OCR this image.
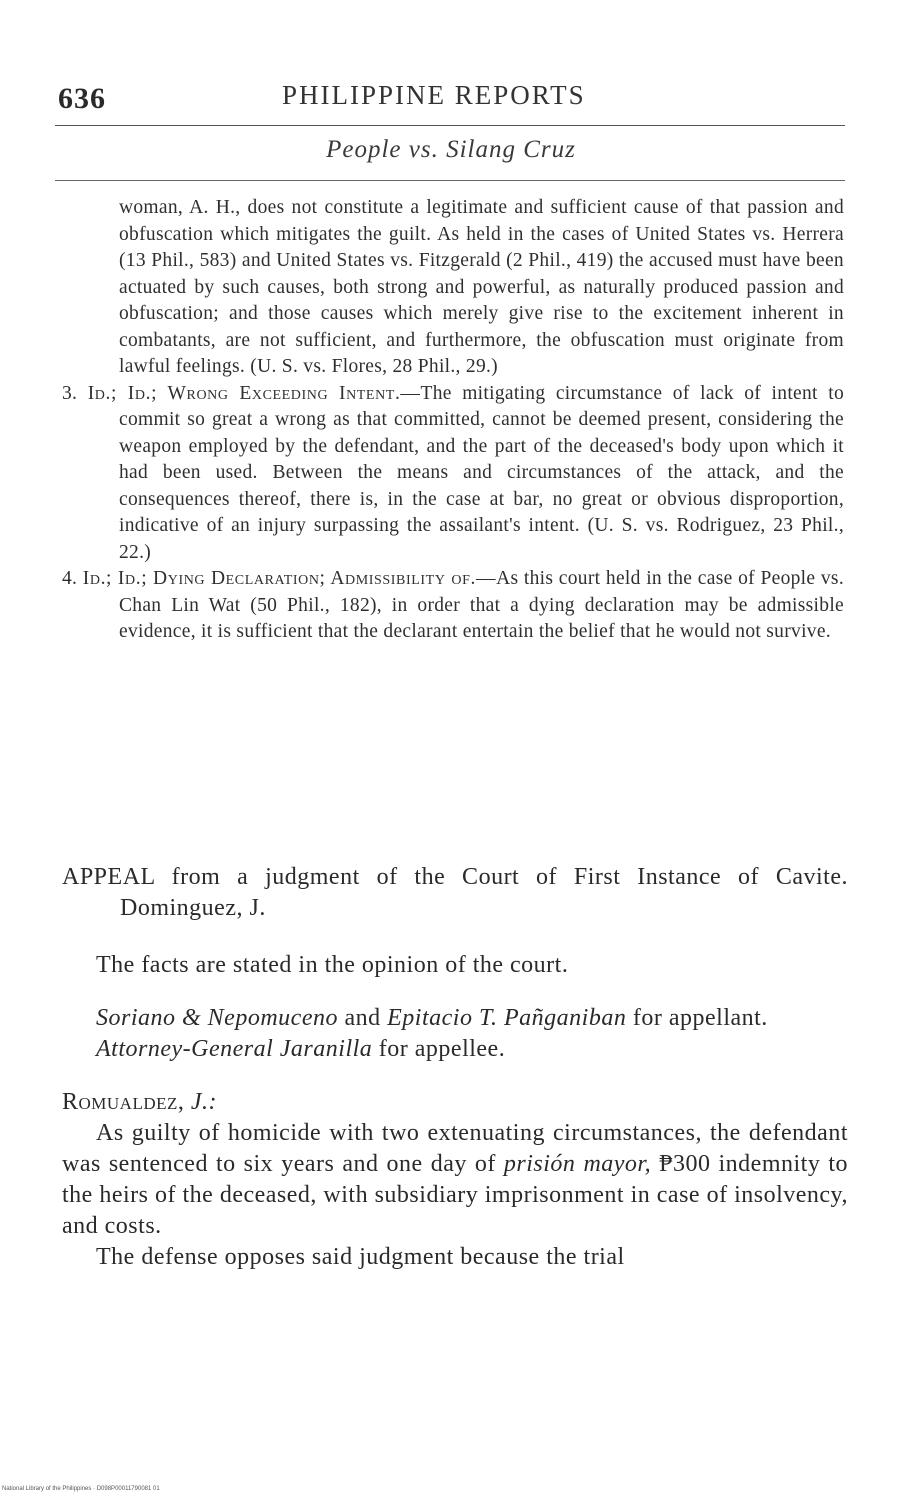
636	PHILIPPINE REPORTS
People vs. Silang Cruz

woman, A. H., does not constitute a legitimate and sufficient cause of that passion and obfuscation which mitigates the guilt. As held in the cases of United States vs. Herrera (13 Phil., 583) and United States vs. Fitzgerald (2 Phil., 419) the accused must have been actuated by such causes, both strong and powerful, as naturally produced passion and obfuscation; and those causes which merely give rise to the excitement inherent in combatants, are not sufficient, and furthermore, the obfuscation must originate from lawful feelings. (U. S. vs. Flores, 28 Phil., 29.)

3. Id.; Id.; Wrong Exceeding Intent.—The mitigating circumstance of lack of intent to commit so great a wrong as that committed, cannot be deemed present, considering the weapon employed by the defendant, and the part of the deceased's body upon which it had been used. Between the means and circumstances of the attack, and the consequences thereof, there is, in the case at bar, no great or obvious disproportion, indicative of an injury surpassing the assailant's intent. (U. S. vs. Rodriguez, 23 Phil., 22.)

4. Id.; Id.; Dying Declaration; Admissibility of.—As this court held in the case of People vs. Chan Lin Wat (50 Phil., 182), in order that a dying declaration may be admissible evidence, it is sufficient that the declarant entertain the belief that he would not survive.

APPEAL from a judgment of the Court of First Instance of Cavite. Dominguez, J.

The facts are stated in the opinion of the court.

Soriano & Nepomuceno and Epitacio T. Pañganiban for appellant.

Attorney-General Jaranilla for appellee.

Romualdez, J.:

As guilty of homicide with two extenuating circumstances, the defendant was sentenced to six years and one day of prisión mayor, ₱300 indemnity to the heirs of the deceased, with subsidiary imprisonment in case of insolvency, and costs.

The defense opposes said judgment because the trial

National Library of the Philippines · D098P00011790081 01
